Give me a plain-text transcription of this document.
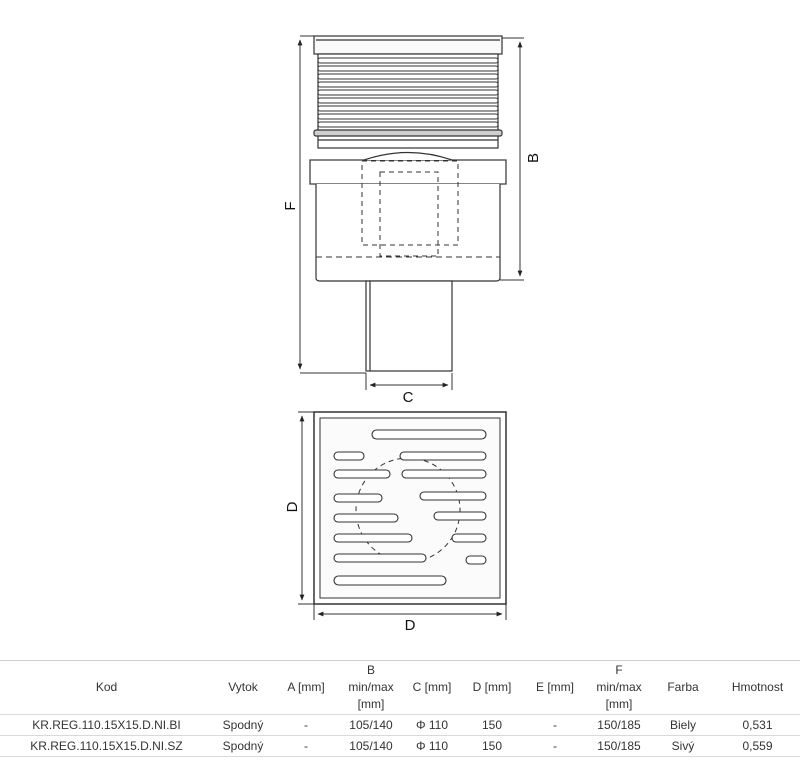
B
F
C
D
D
Kod	Vytok	A [mm]	B
min/max
[mm]	C [mm]	D [mm]	E [mm]	F
min/max
[mm]	Farba	Hmotnost
KR.REG.110.15X15.D.NI.BI	Spodný	-	105/140	Φ 110	150	-	150/185	Biely	0,531
KR.REG.110.15X15.D.NI.SZ	Spodný	-	105/140	Φ 110	150	-	150/185	Sivý	0,559
